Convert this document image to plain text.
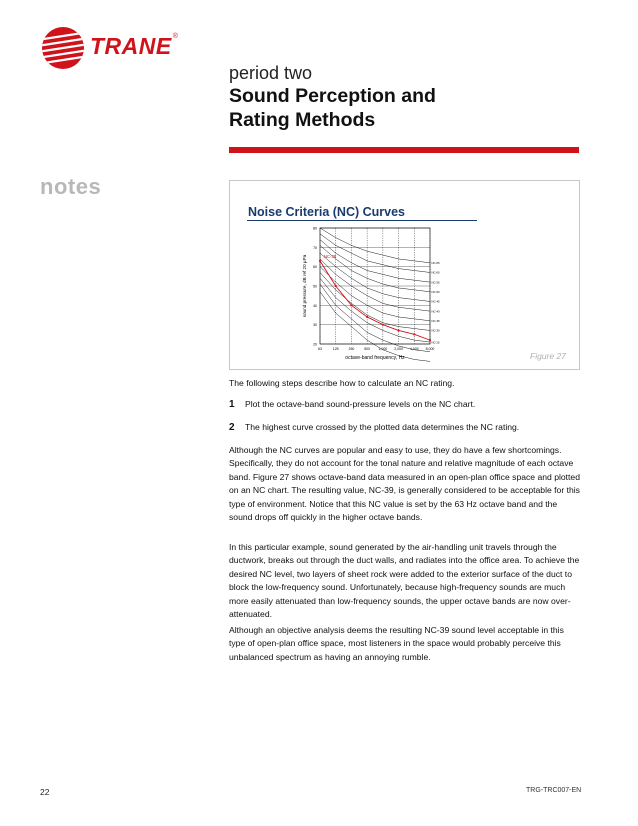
TRANE®
period two
Sound Perception and
Rating Methods
notes
Noise Criteria (NC) Curves
20
30
40
50
60
70
80
63	125	250	500 1,000 2,000 4,000 8,000
NC-25
NC-30
NC-35
NC-40
NC-45
NC-50
NC-55
NC-60
NC-65
NC-39
octave-band frequency, Hz
sound pressure, dB ref 20 µPa
Figure 27
The following steps describe how to calculate an NC rating.
1 Plot the octave-band sound-pressure levels on the NC chart.
2 The highest curve crossed by the plotted data determines the NC rating.
Although the NC curves are popular and easy to use, they do have a few shortcomings. Specifically, they do not account for the tonal nature and relative magnitude of each octave band. Figure 27 shows octave-band data measured in an open-plan office space and plotted on an NC chart. The resulting value, NC-39, is generally considered to be acceptable for this type of environment. Notice that this NC value is set by the 63 Hz octave band and the sound drops off quickly in the higher octave bands.
In this particular example, sound generated by the air-handling unit travels through the ductwork, breaks out through the duct walls, and radiates into the office area. To achieve the desired NC level, two layers of sheet rock were added to the exterior surface of the duct to block the low-frequency sound. Unfortunately, because high-frequency sounds are much more easily attenuated than low-frequency sounds, the upper octave bands are now over-attenuated.
Although an objective analysis deems the resulting NC-39 sound level acceptable in this type of open-plan office space, most listeners in the space would probably perceive this unbalanced spectrum as having an annoying rumble.
22	TRG-TRC007-EN
